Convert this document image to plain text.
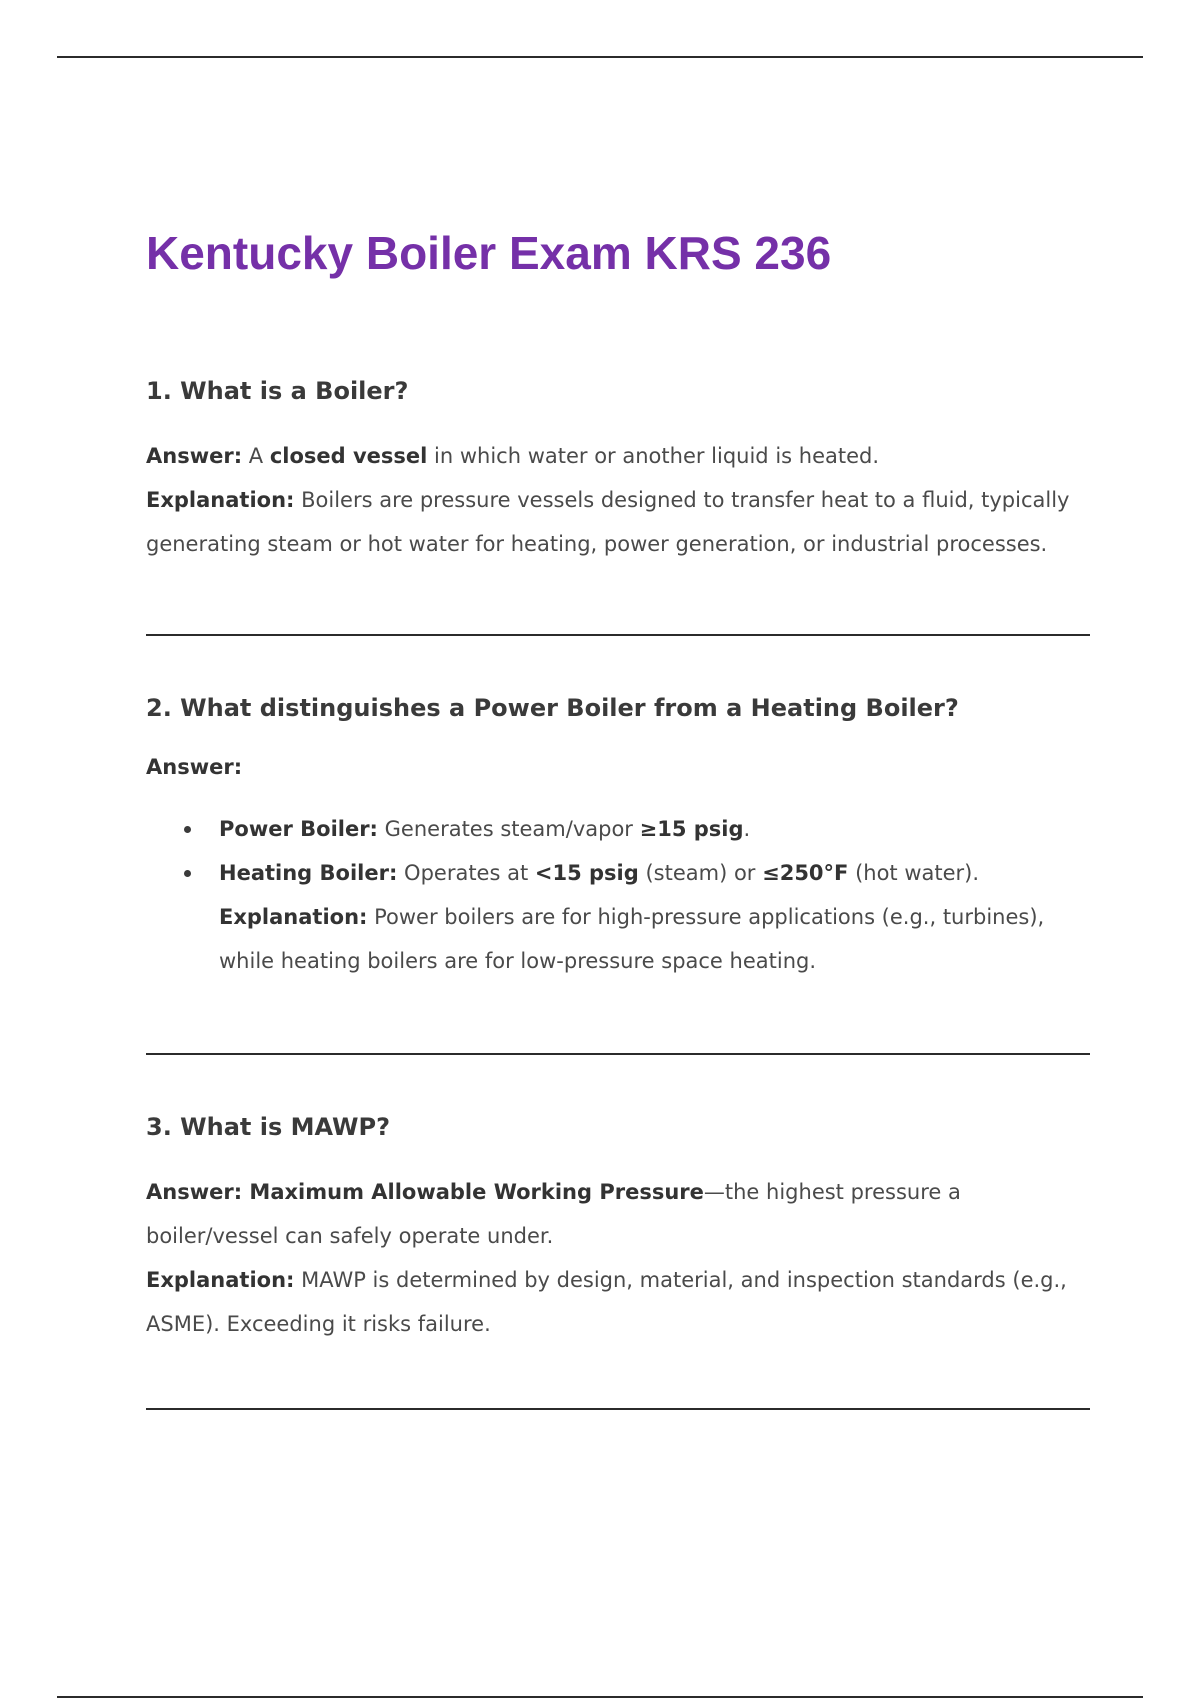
Kentucky Boiler Exam KRS 236
1. What is a Boiler?

Answer: A closed vessel in which water or another liquid is heated.
Explanation: Boilers are pressure vessels designed to transfer heat to a fluid, typically generating steam or hot water for heating, power generation, or industrial processes.

2. What distinguishes a Power Boiler from a Heating Boiler?

Answer:

Power Boiler: Generates steam/vapor ≥15 psig.
Heating Boiler: Operates at <15 psig (steam) or ≤250°F (hot water).
Explanation: Power boilers are for high-pressure applications (e.g., turbines), while heating boilers are for low-pressure space heating.
3. What is MAWP?

Answer: Maximum Allowable Working Pressure—the highest pressure a boiler/vessel can safely operate under.
Explanation: MAWP is determined by design, material, and inspection standards (e.g., ASME). Exceeding it risks failure.
